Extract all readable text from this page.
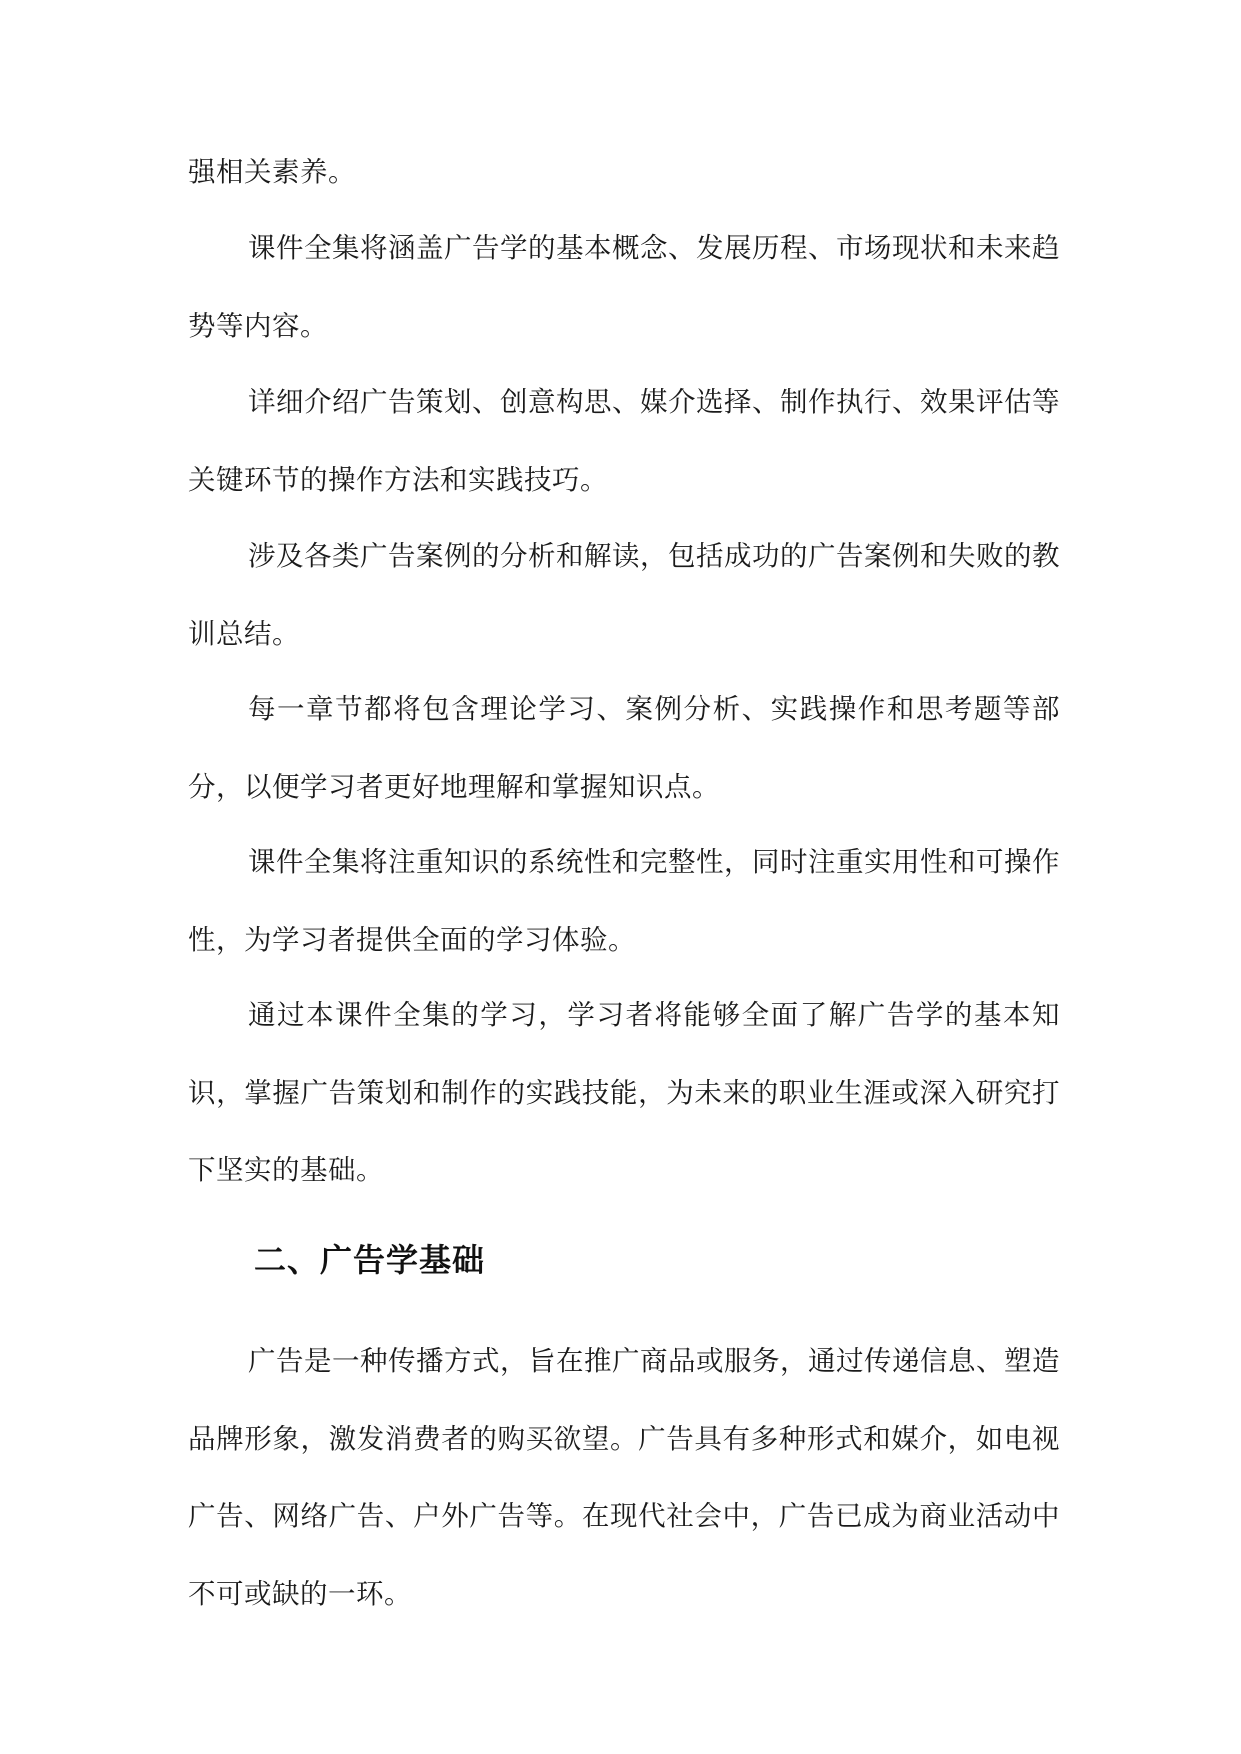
强相关素养。

课件全集将涵盖广告学的基本概念、发展历程、市场现状和未来趋势等内容。

详细介绍广告策划、创意构思、媒介选择、制作执行、效果评估等关键环节的操作方法和实践技巧。

涉及各类广告案例的分析和解读，包括成功的广告案例和失败的教训总结。

每一章节都将包含理论学习、案例分析、实践操作和思考题等部分，以便学习者更好地理解和掌握知识点。

课件全集将注重知识的系统性和完整性，同时注重实用性和可操作性，为学习者提供全面的学习体验。

通过本课件全集的学习，学习者将能够全面了解广告学的基本知识，掌握广告策划和制作的实践技能，为未来的职业生涯或深入研究打下坚实的基础。

二、广告学基础

广告是一种传播方式，旨在推广商品或服务，通过传递信息、塑造品牌形象，激发消费者的购买欲望。广告具有多种形式和媒介，如电视广告、网络广告、户外广告等。在现代社会中，广告已成为商业活动中不可或缺的一环。
